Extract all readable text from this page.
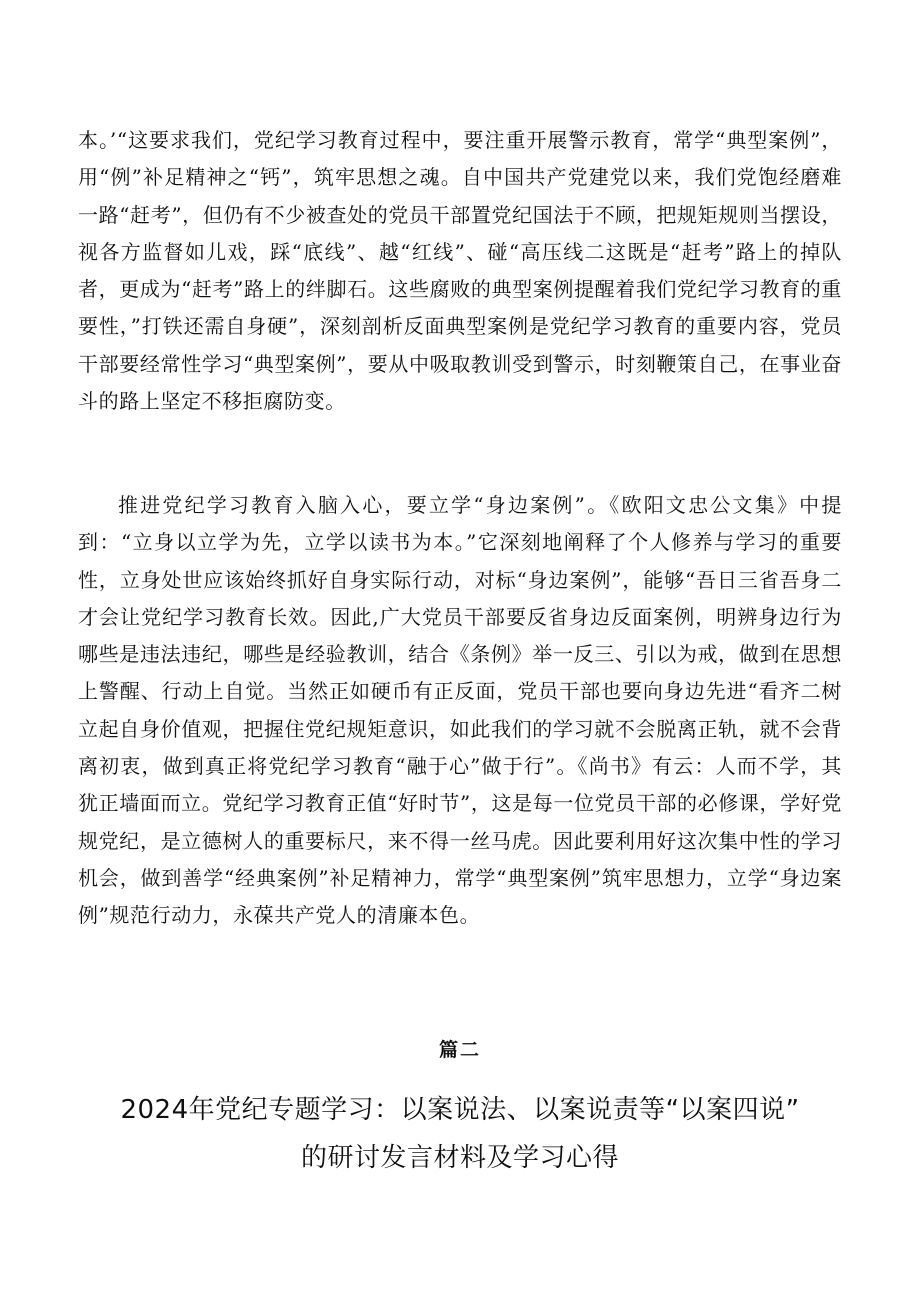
本。’“这要求我们，党纪学习教育过程中，要注重开展警示教育，常学“典型案例”，用“例”补足精神之“钙”，筑牢思想之魂。自中国共产党建党以来，我们党饱经磨难一路“赶考”，但仍有不少被查处的党员干部置党纪国法于不顾，把规矩规则当摆设，视各方监督如儿戏，踩“底线”、越“红线”、碰“高压线二这既是“赶考”路上的掉队者，更成为“赶考”路上的绊脚石。这些腐败的典型案例提醒着我们党纪学习教育的重要性，”打铁还需自身硬”，深刻剖析反面典型案例是党纪学习教育的重要内容，党员干部要经常性学习“典型案例”，要从中吸取教训受到警示，时刻鞭策自己，在事业奋斗的路上坚定不移拒腐防变。

推进党纪学习教育入脑入心，要立学“身边案例”。《欧阳文忠公文集》中提到：“立身以立学为先，立学以读书为本。”它深刻地阐释了个人修养与学习的重要性，立身处世应该始终抓好自身实际行动，对标“身边案例”，能够“吾日三省吾身二才会让党纪学习教育长效。因此,广大党员干部要反省身边反面案例，明辨身边行为哪些是违法违纪，哪些是经验教训，结合《条例》举一反三、引以为戒，做到在思想上警醒、行动上自觉。当然正如硬币有正反面，党员干部也要向身边先进“看齐二树立起自身价值观，把握住党纪规矩意识，如此我们的学习就不会脱离正轨，就不会背离初衷，做到真正将党纪学习教育“融于心”做于行”。《尚书》有云：人而不学，其犹正墙面而立。党纪学习教育正值“好时节”，这是每一位党员干部的必修课，学好党规党纪，是立德树人的重要标尺，来不得一丝马虎。因此要利用好这次集中性的学习机会，做到善学“经典案例”补足精神力，常学“典型案例”筑牢思想力，立学“身边案例”规范行动力，永葆共产党人的清廉本色。

篇二
2024年党纪专题学习：以案说法、以案说责等“以案四说”
的研讨发言材料及学习心得
